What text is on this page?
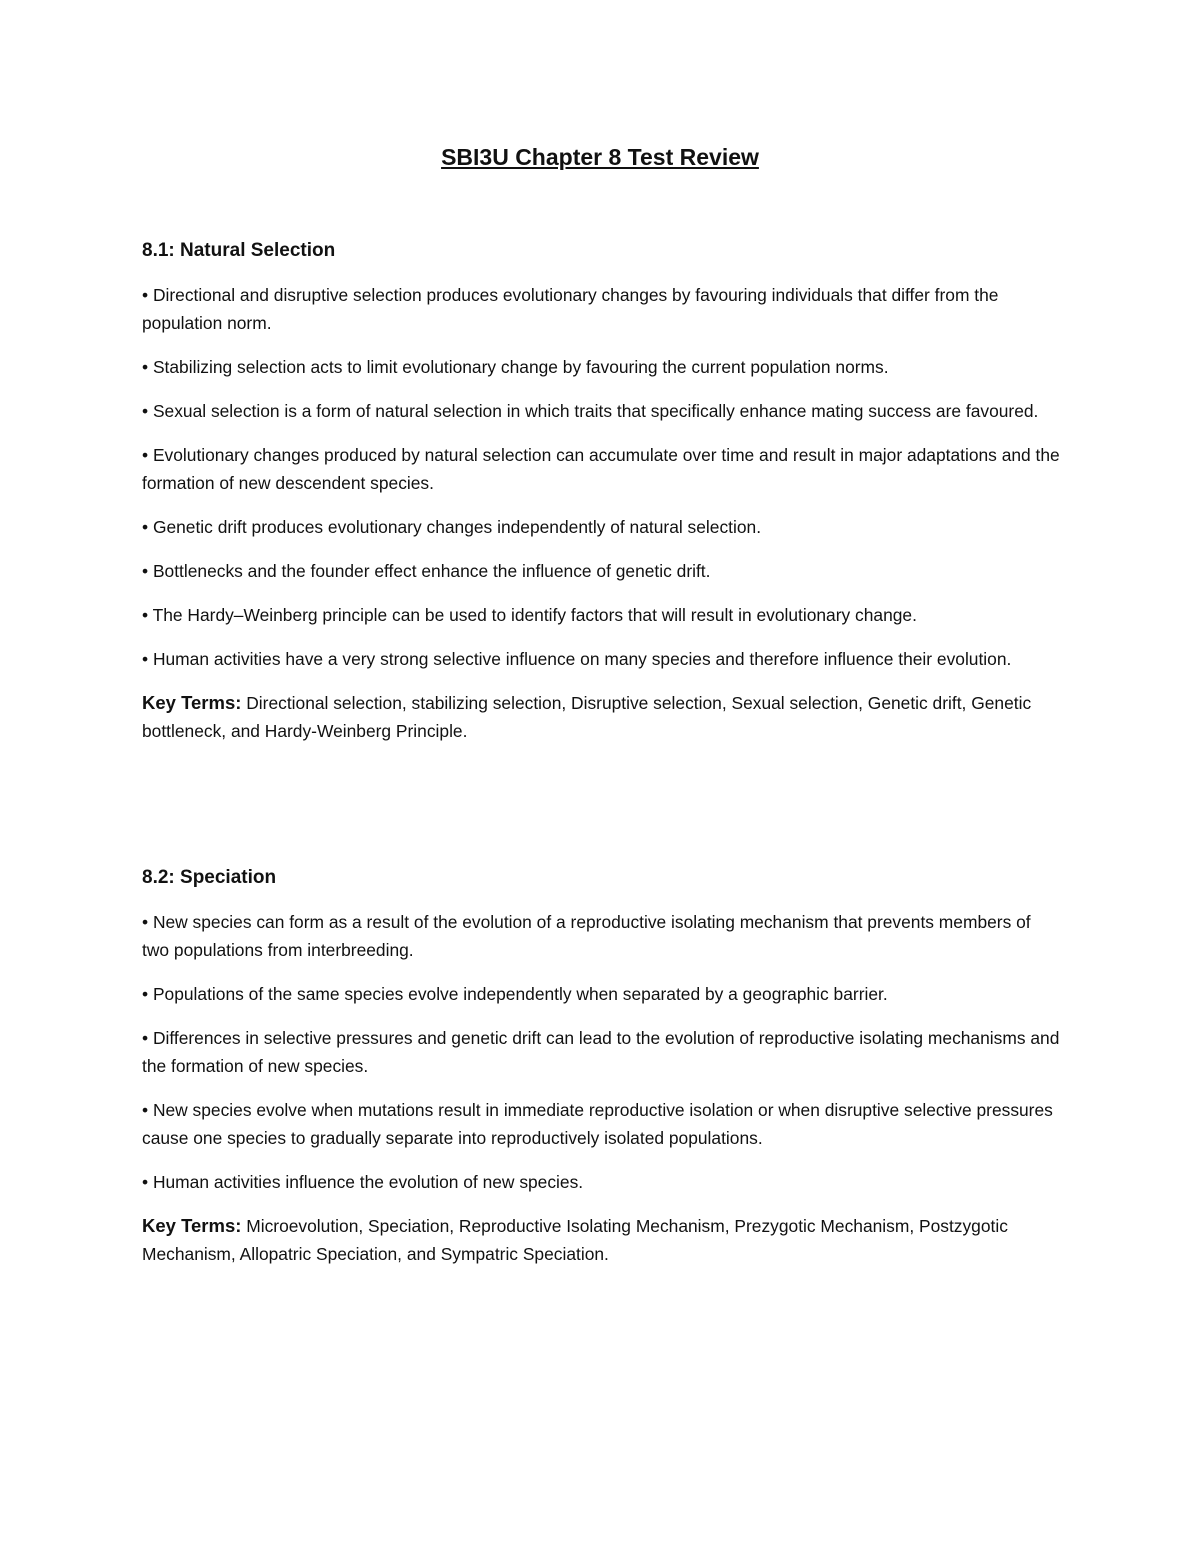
SBI3U Chapter 8 Test Review
8.1: Natural Selection
• Directional and disruptive selection produces evolutionary changes by favouring individuals that differ from the population norm.
• Stabilizing selection acts to limit evolutionary change by favouring the current population norms.
• Sexual selection is a form of natural selection in which traits that specifically enhance mating success are favoured.
• Evolutionary changes produced by natural selection can accumulate over time and result in major adaptations and the formation of new descendent species.
• Genetic drift produces evolutionary changes independently of natural selection.
• Bottlenecks and the founder effect enhance the influence of genetic drift.
• The Hardy–Weinberg principle can be used to identify factors that will result in evolutionary change.
• Human activities have a very strong selective influence on many species and therefore influence their evolution.
Key Terms: Directional selection, stabilizing selection, Disruptive selection, Sexual selection, Genetic drift, Genetic bottleneck, and Hardy-Weinberg Principle.
8.2: Speciation
• New species can form as a result of the evolution of a reproductive isolating mechanism that prevents members of two populations from interbreeding.
• Populations of the same species evolve independently when separated by a geographic barrier.
• Differences in selective pressures and genetic drift can lead to the evolution of reproductive isolating mechanisms and the formation of new species.
• New species evolve when mutations result in immediate reproductive isolation or when disruptive selective pressures cause one species to gradually separate into reproductively isolated populations.
• Human activities influence the evolution of new species.
Key Terms: Microevolution, Speciation, Reproductive Isolating Mechanism, Prezygotic Mechanism, Postzygotic Mechanism, Allopatric Speciation, and Sympatric Speciation.
